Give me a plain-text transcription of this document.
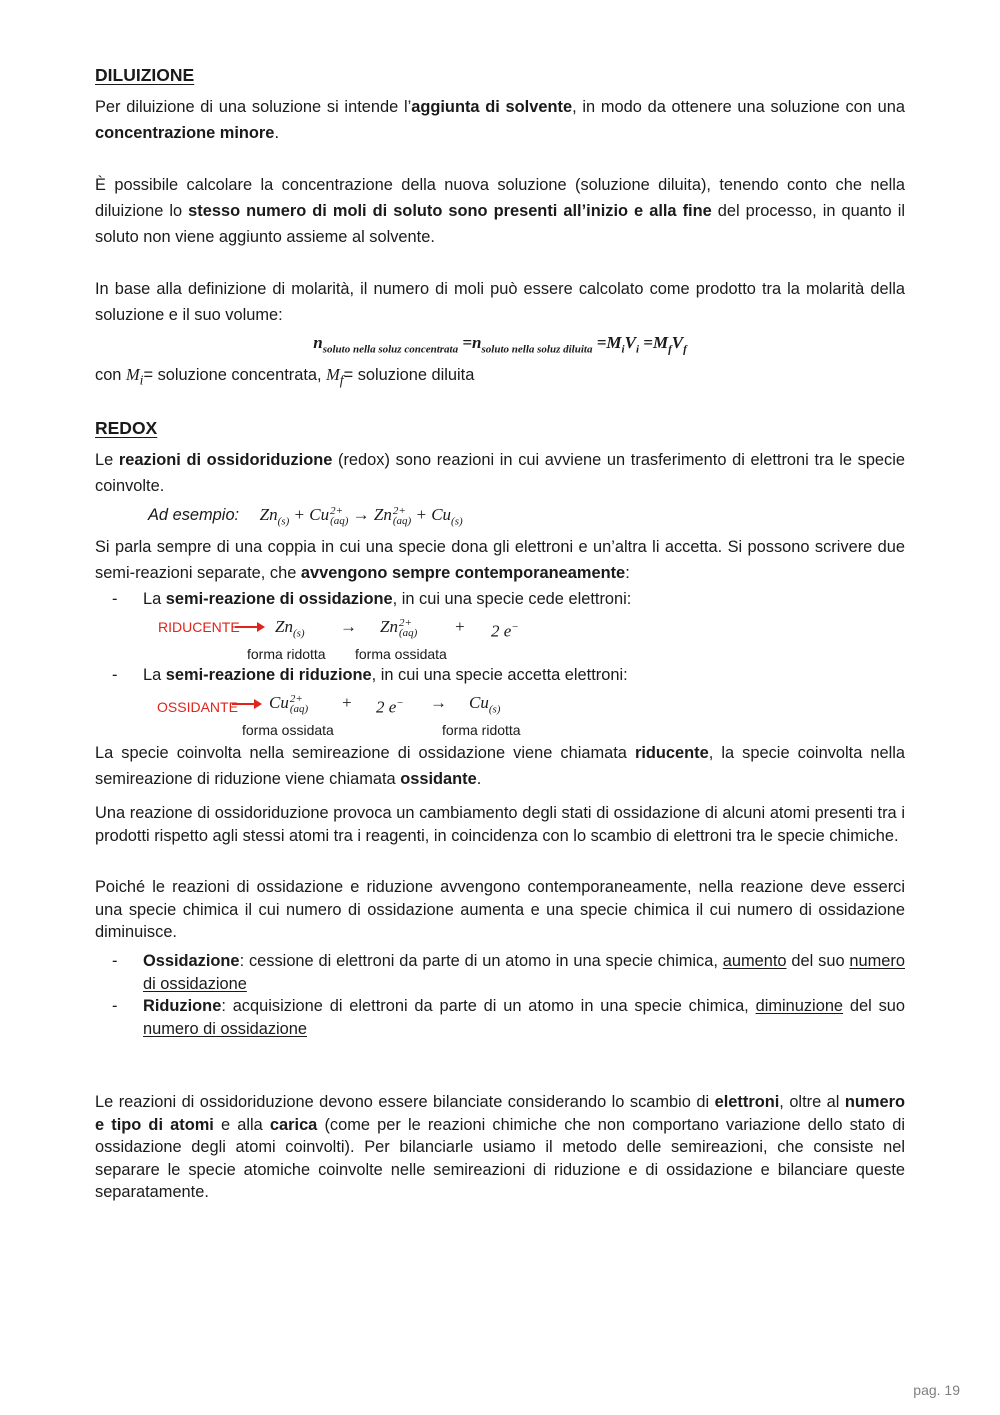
DILUIZIONE
Per diluizione di una soluzione si intende l’aggiunta di solvente, in modo da ottenere una soluzione con una concentrazione minore.
È possibile calcolare la concentrazione della nuova soluzione (soluzione diluita), tenendo conto che nella diluizione lo stesso numero di moli di soluto sono presenti all’inizio e alla fine del processo, in quanto il soluto non viene aggiunto assieme al solvente.
In base alla definizione di molarità, il numero di moli può essere calcolato come prodotto tra la molarità della soluzione e il suo volume:
$n_{soluto nella soluz concentrata} =n_{soluto nella soluz diluita} =M_iV_i =M_fV_f$
con $M_i=$ soluzione concentrata, $M_f=$ soluzione diluita
REDOX
Le reazioni di ossidoriduzione (redox) sono reazioni in cui avviene un trasferimento di elettroni tra le specie coinvolte.
Ad esempio: $Zn_{(s)} + Cu$ 2+
(aq) → Zn 2+
$(aq) + Cu_{(s)}$
Si parla sempre di una coppia in cui una specie dona gli elettroni e un’altra li accetta. Si possono scrivere due semi-reazioni separate, che avvengono sempre contemporaneamente:
- La semi-reazione di ossidazione, in cui una specie cede elettroni:
RIDUCENTE $Zn_{(s)} \to Zn$ 2+
(aq) + 2 e−
forma ridotta forma ossidata
- La semi-reazione di riduzione, in cui una specie accetta elettroni:
OSSIDANTE Cu 2+
(aq) + 2 $e^- \to Cu_{(s)}$
forma ossidata	forma ridotta
La specie coinvolta nella semireazione di ossidazione viene chiamata riducente, la specie coinvolta nella semireazione di riduzione viene chiamata ossidante.
Una reazione di ossidoriduzione provoca un cambiamento degli stati di ossidazione di alcuni atomi presenti tra i prodotti rispetto agli stessi atomi tra i reagenti, in coincidenza con lo scambio di elettroni tra le specie chimiche.
Poiché le reazioni di ossidazione e riduzione avvengono contemporaneamente, nella reazione deve esserci una specie chimica il cui numero di ossidazione aumenta e una specie chimica il cui numero di ossidazione diminuisce.
- Ossidazione: cessione di elettroni da parte di un atomo in una specie chimica, aumento del suo numero di ossidazione
- Riduzione: acquisizione di elettroni da parte di un atomo in una specie chimica, diminuzione del suo numero di ossidazione
Le reazioni di ossidoriduzione devono essere bilanciate considerando lo scambio di elettroni, oltre al numero e tipo di atomi e alla carica (come per le reazioni chimiche che non comportano variazione dello stato di ossidazione degli atomi coinvolti). Per bilanciarle usiamo il metodo delle semireazioni, che consiste nel separare le specie atomiche coinvolte nelle semireazioni di riduzione e di ossidazione e bilanciare queste separatamente.
pag. 19
